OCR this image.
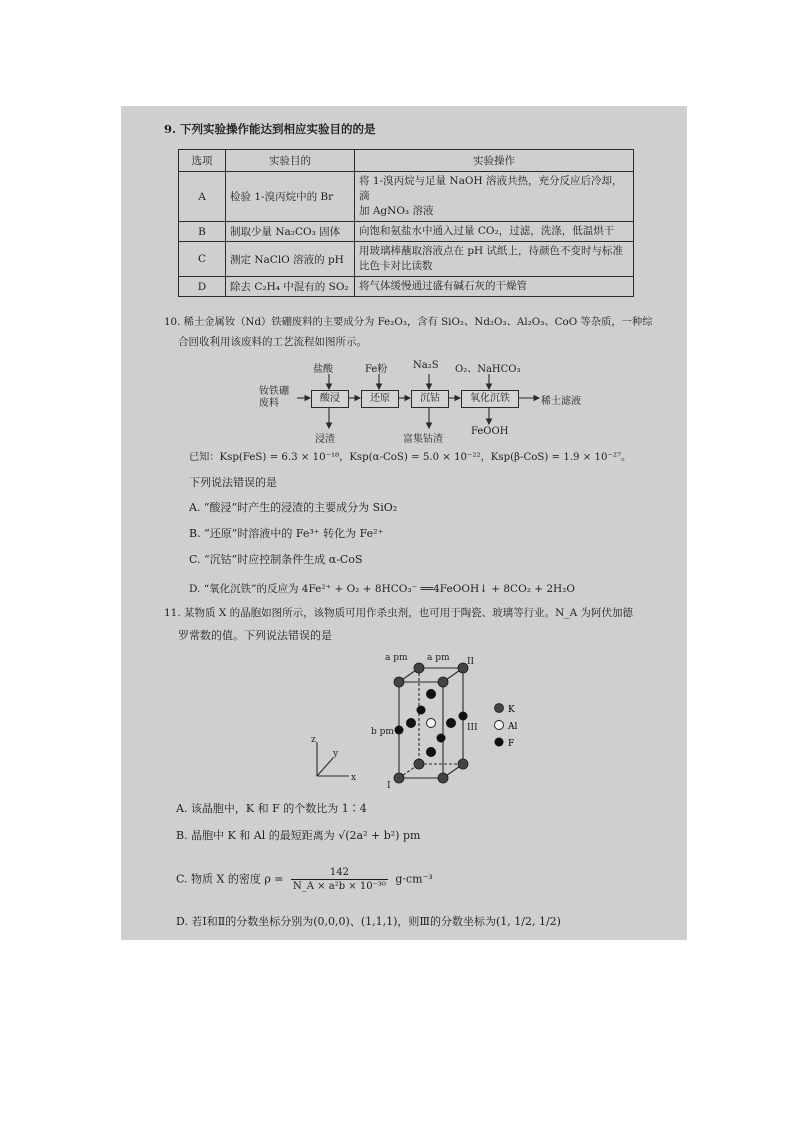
9. 下列实验操作能达到相应实验目的的是
选项	实验目的	实验操作
A	检验 1-溴丙烷中的 Br	将 1-溴丙烷与足量 NaOH 溶液共热，充分反应后冷却，滴
加 AgNO₃ 溶液

B	制取少量 Na₂CO₃ 固体	向饱和氨盐水中通入过量 CO₂，过滤，洗涤，低温烘干
C	测定 NaClO 溶液的 pH	用玻璃棒蘸取溶液点在 pH 试纸上，待颜色不变时与标准
比色卡对比读数

D	除去 C₂H₄ 中混有的 SO₂	将气体缓慢通过盛有碱石灰的干燥管
10. 稀土金属钕（Nd）铁硼废料的主要成分为 Fe₂O₃，含有 SiO₂、Nd₂O₃、Al₂O₃、CoO 等杂质，一种综
合回收利用该废料的工艺流程如图所示。
钕铁硼
废料	酸浸	还原	沉钴	氧化沉铁
盐酸	Fe粉	Na₂S O₂、NaHCO₃
浸渣	富集钴渣
FeOOH
稀土滤液
已知：Ksp(FeS) = 6.3 × 10⁻¹⁸，Ksp(α-CoS) = 5.0 × 10⁻²²，Ksp(β-CoS) = 1.9 × 10⁻²⁷。
下列说法错误的是
A. “酸浸”时产生的浸渣的主要成分为 SiO₂
B. “还原”时溶液中的 Fe³⁺ 转化为 Fe²⁺
C. “沉钴”时应控制条件生成 α-CoS
D. “氧化沉铁”的反应为 4Fe²⁺ + O₂ + 8HCO₃⁻ ══4FeOOH↓ + 8CO₂ + 2H₂O
11. 某物质 X 的晶胞如图所示，该物质可用作杀虫剂，也可用于陶瓷、玻璃等行业。N_A 为阿伏加德
罗常数的值。下列说法错误的是
a pm a pm
b pm
I
II
III
x
y
z
K
Al
F
A. 该晶胞中，K 和 F 的个数比为 1∶4
B. 晶胞中 K 和 Al 的最短距离为 √(2a² + b²) pm
C. 物质 X 的密度 $\rho = \frac{142}{\text{N\_A × a²b × 10⁻³⁰}} g\cdot cm^{-3}$
D. 若Ⅰ和Ⅱ的分数坐标分别为(0,0,0)、(1,1,1)，则Ⅲ的分数坐标为(1, 1/2, 1/2)
